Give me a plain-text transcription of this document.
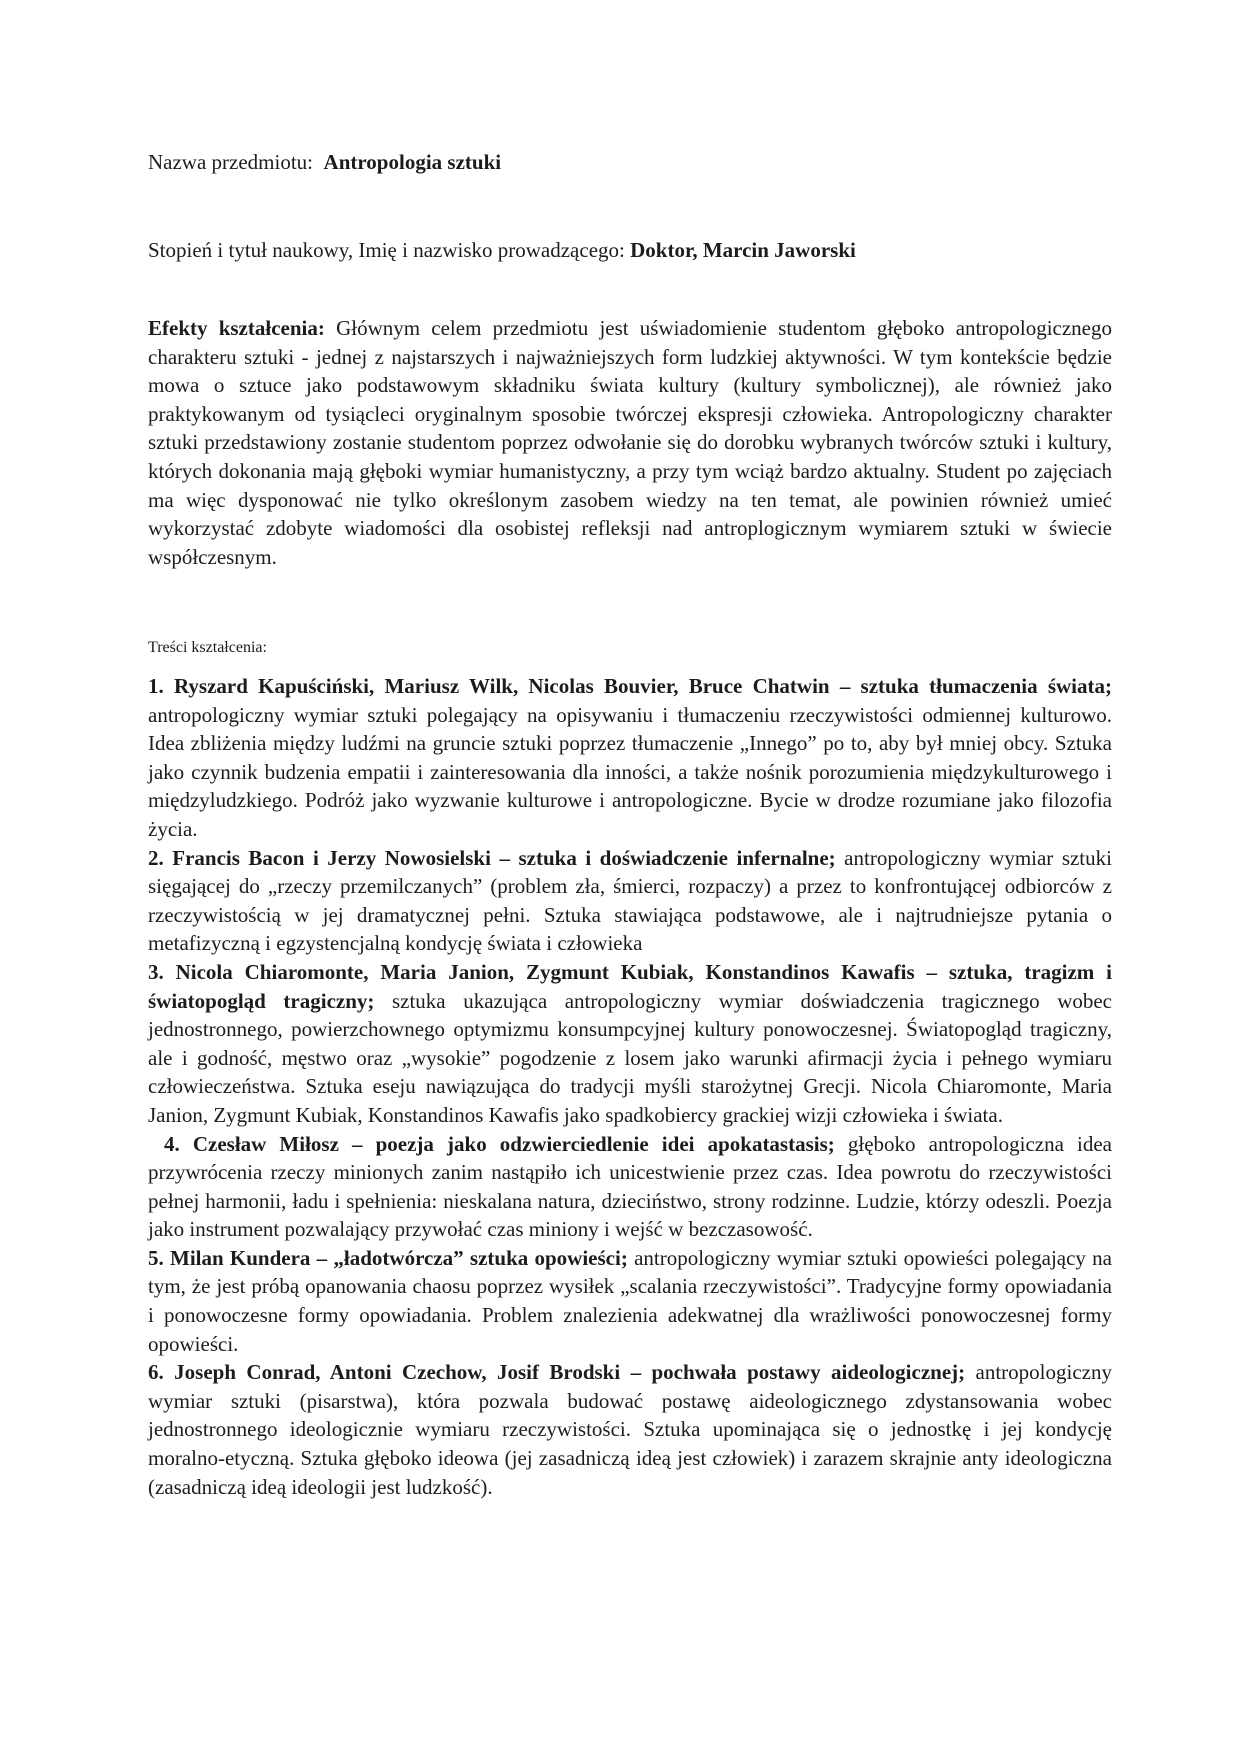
Nazwa przedmiotu: Antropologia sztuki
Stopień i tytuł naukowy, Imię i nazwisko prowadzącego: Doktor, Marcin Jaworski
Efekty kształcenia: Głównym celem przedmiotu jest uświadomienie studentom głęboko antropologicznego charakteru sztuki - jednej z najstarszych i najważniejszych form ludzkiej aktywności. W tym kontekście będzie mowa o sztuce jako podstawowym składniku świata kultury (kultury symbolicznej), ale również jako praktykowanym od tysiącleci oryginalnym sposobie twórczej ekspresji człowieka. Antropologiczny charakter sztuki przedstawiony zostanie studentom poprzez odwołanie się do dorobku wybranych twórców sztuki i kultury, których dokonania mają głęboki wymiar humanistyczny, a przy tym wciąż bardzo aktualny. Student po zajęciach ma więc dysponować nie tylko określonym zasobem wiedzy na ten temat, ale powinien również umieć wykorzystać zdobyte wiadomości dla osobistej refleksji nad antroplogicznym wymiarem sztuki w świecie współczesnym.
Treści kształcenia:

1. Ryszard Kapuściński, Mariusz Wilk, Nicolas Bouvier, Bruce Chatwin – sztuka tłumaczenia świata; antropologiczny wymiar sztuki polegający na opisywaniu i tłumaczeniu rzeczywistości odmiennej kulturowo. Idea zbliżenia między ludźmi na gruncie sztuki poprzez tłumaczenie „Innego” po to, aby był mniej obcy. Sztuka jako czynnik budzenia empatii i zainteresowania dla inności, a także nośnik porozumienia międzykulturowego i międzyludzkiego. Podróż jako wyzwanie kulturowe i antropologiczne. Bycie w drodze rozumiane jako filozofia życia.

2. Francis Bacon i Jerzy Nowosielski – sztuka i doświadczenie infernalne; antropologiczny wymiar sztuki sięgającej do „rzeczy przemilczanych” (problem zła, śmierci, rozpaczy) a przez to konfrontującej odbiorców z rzeczywistością w jej dramatycznej pełni. Sztuka stawiająca podstawowe, ale i najtrudniejsze pytania o metafizyczną i egzystencjalną kondycję świata i człowieka

3. Nicola Chiaromonte, Maria Janion, Zygmunt Kubiak, Konstandinos Kawafis – sztuka, tragizm i światopogląd tragiczny; sztuka ukazująca antropologiczny wymiar doświadczenia tragicznego wobec jednostronnego, powierzchownego optymizmu konsumpcyjnej kultury ponowoczesnej. Światopogląd tragiczny, ale i godność, męstwo oraz „wysokie” pogodzenie z losem jako warunki afirmacji życia i pełnego wymiaru człowieczeństwa. Sztuka eseju nawiązująca do tradycji myśli starożytnej Grecji. Nicola Chiaromonte, Maria Janion, Zygmunt Kubiak, Konstandinos Kawafis jako spadkobiercy grackiej wizji człowieka i świata.

4. Czesław Miłosz – poezja jako odzwierciedlenie idei apokatastasis; głęboko antropologiczna idea przywrócenia rzeczy minionych zanim nastąpiło ich unicestwienie przez czas. Idea powrotu do rzeczywistości pełnej harmonii, ładu i spełnienia: nieskalana natura, dzieciństwo, strony rodzinne. Ludzie, którzy odeszli. Poezja jako instrument pozwalający przywołać czas miniony i wejść w bezczasowość.

5. Milan Kundera – „ładotwórcza” sztuka opowieści; antropologiczny wymiar sztuki opowieści polegający na tym, że jest próbą opanowania chaosu poprzez wysiłek „scalania rzeczywistości”. Tradycyjne formy opowiadania i ponowoczesne formy opowiadania. Problem znalezienia adekwatnej dla wrażliwości ponowoczesnej formy opowieści.

6. Joseph Conrad, Antoni Czechow, Josif Brodski – pochwała postawy aideologicznej; antropologiczny wymiar sztuki (pisarstwa), która pozwala budować postawę aideologicznego zdystansowania wobec jednostronnego ideologicznie wymiaru rzeczywistości. Sztuka upominająca się o jednostkę i jej kondycję moralno-etyczną. Sztuka głęboko ideowa (jej zasadniczą ideą jest człowiek) i zarazem skrajnie anty ideologiczna (zasadniczą ideą ideologii jest ludzkość).
